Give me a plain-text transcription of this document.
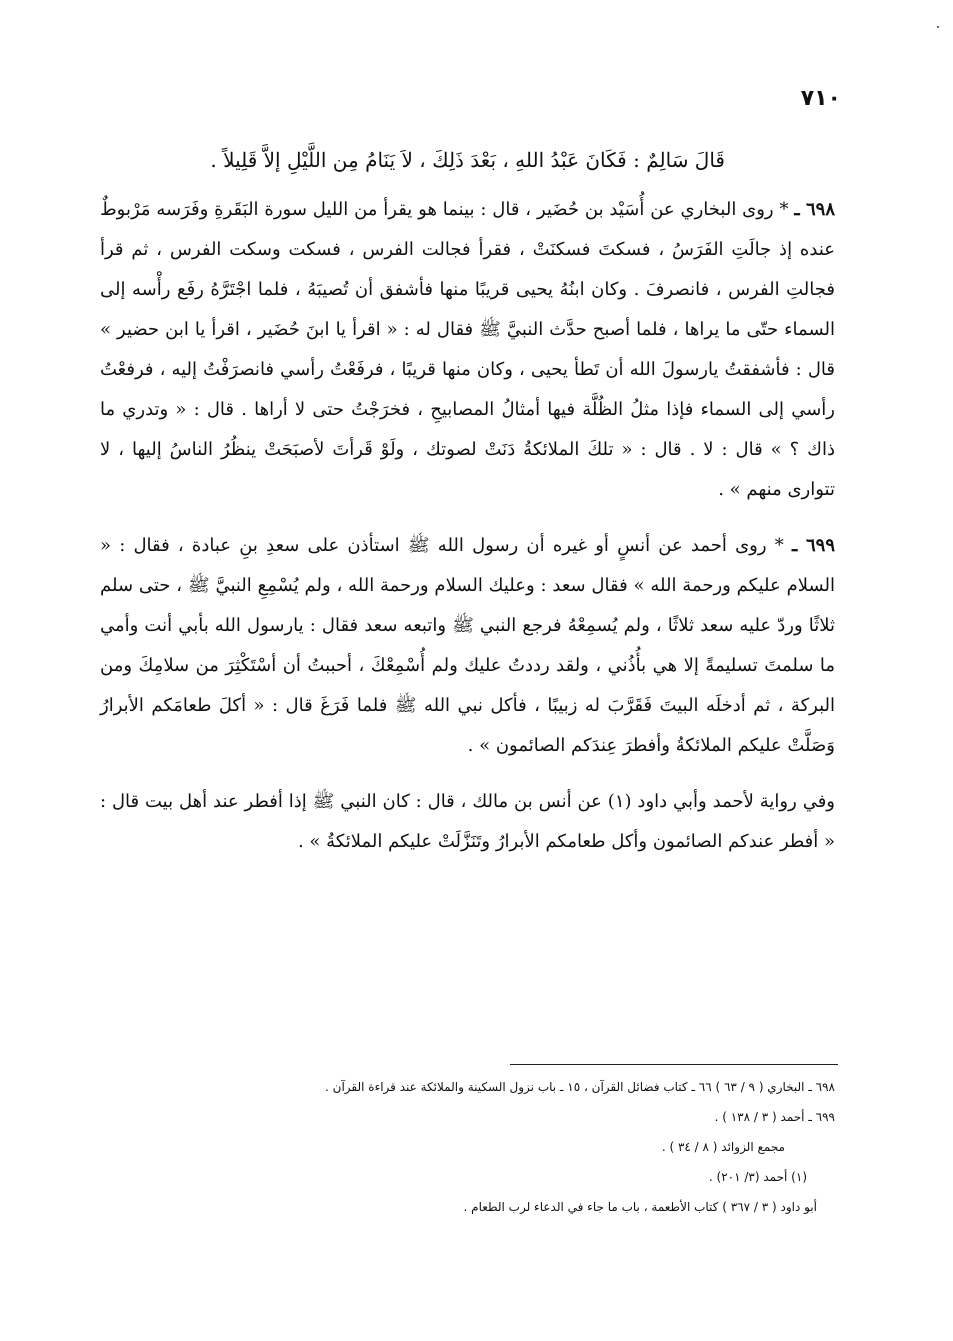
٧١٠

قَالَ سَالِمٌ : فَكَانَ عَبْدُ اللهِ ، بَعْدَ ذَلِكَ ، لاَ يَنَامُ مِن اللَّيْلِ إلاَّ قَلِيلاً .

٦٩٨ ـ * روى البخاري عن أُسَيْد بن حُضَير ، قال : بينما هو يقرأ من الليل سورة البَقَرةِ وفَرَسه مَرْبوطٌ عنده إذ جالَتِ الفَرَسُ ، فسكتَ فسكنَتْ ، فقرأ فجالت الفرس ، فسكت وسكت الفرس ، ثم قرأ فجالتِ الفرس ، فانصرفَ . وكان ابنُهُ يحيى قريبًا منها فأشفق أن تُصيبَهُ ، فلما اجْتَرَّهُ رفَع رأْسه إلى السماء حتّى ما يراها ، فلما أصبح حدَّث النبيَّ ﷺ فقال له : « اقرأ يا ابنَ حُضَير ، اقرأ يا ابن حضير » قال : فأشفقتُ يارسولَ الله أن تَطأ يحيى ، وكان منها قريبًا ، فرفَعْتُ رأسي فانصرَفْتُ إليه ، فرفعْتُ رأسي إلى السماء فإذا مثلُ الظُلَّة فيها أمثالُ المصابيحِ ، فخرَجْتُ حتى لا أراها . قال : « وتدري ما ذاك ؟ » قال : لا . قال : « تلكَ الملائكةُ دَنَتْ لصوتك ، ولَوْ قَرأتَ لأصبَحَتْ ينظُرُ الناسُ إليها ، لا تتوارى منهم » .

٦٩٩ ـ * روى أحمد عن أنسٍ أو غيره أن رسول الله ﷺ استأذن على سعدِ بنِ عبادة ، فقال : « السلام عليكم ورحمة الله » فقال سعد : وعليك السلام ورحمة الله ، ولم يُسْمِعِ النبيَّ ﷺ ، حتى سلم ثلاثًا وردّ عليه سعد ثلاثًا ، ولم يُسمِعْهُ فرجع النبي ﷺ واتبعه سعد فقال : يارسول الله بأبي أنت وأمي ما سلمتَ تسليمةً إلا هي بأُذُني ، ولقد رددتُ عليك ولم أُسْمِعْكَ ، أحببتُ أن أسْتَكْثِرَ من سلامِكَ ومن البركة ، ثم أدخلَه البيتَ فَقَرَّبَ له زبيبًا ، فأكل نبي الله ﷺ فلما فَرَغَ قال : « أكلَ طعامَكم الأبرارُ وَصَلَّتْ عليكم الملائكةُ وأفطرَ عِندَكم الصائمون » .

وفي رواية لأحمد وأبي داود (١) عن أنس بن مالك ، قال : كان النبي ﷺ إذا أفطر عند أهل بيت قال : « أفطر عندكم الصائمون وأكل طعامكم الأبرارُ وتَنَزَّلَتْ عليكم الملائكةُ » .

٦٩٨ ـ البخاري ( ٩ / ٦٣ ) ٦٦ ـ كتاب فضائل القرآن ، ١٥ ـ باب نزول السكينة والملائكة عند قراءة القرآن .

٦٩٩ ـ أحمد ( ٣ / ١٣٨ ) .

مجمع الزوائد ( ٨ / ٣٤ ) .

(١) أحمد (٣/ ٢٠١) .

أبو داود ( ٣ / ٣٦٧ ) كتاب الأطعمة ، باب ما جاء في الدعاء لرب الطعام .
